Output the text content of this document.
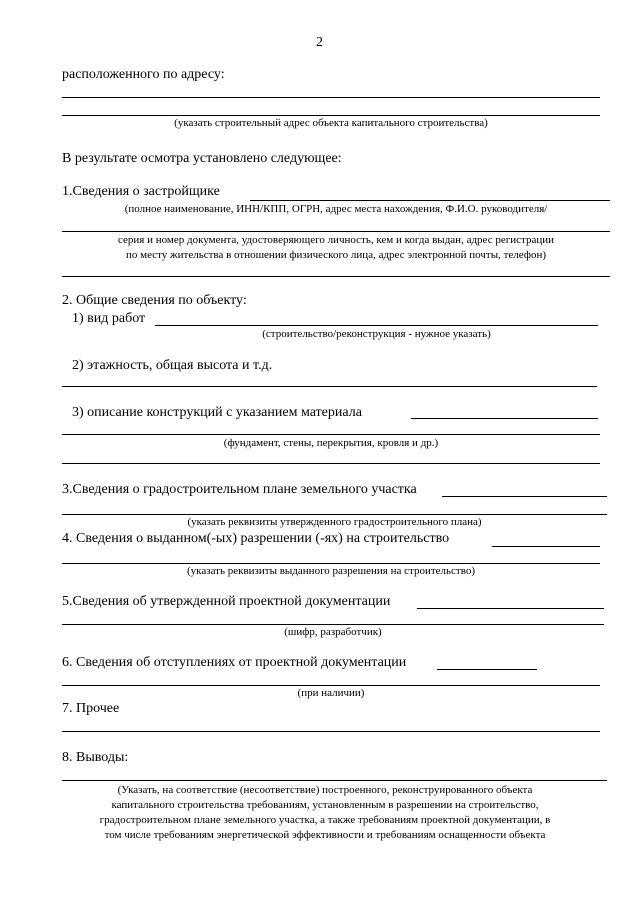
2
расположенного по адресу:
(указать строительный адрес объекта капитального строительства)
В результате осмотра установлено следующее:
1.Сведения о застройщике
(полное наименование, ИНН/КПП, ОГРН, адрес места нахождения, Ф.И.О. руководителя/
серия и номер документа, удостоверяющего личность, кем и когда выдан, адрес регистрации
по месту жительства в отношении физического лица, адрес электронной почты, телефон)
2. Общие сведения по объекту:
1) вид работ
(строительство/реконструкция - нужное указать)
2) этажность, общая высота и т.д.
3) описание конструкций с указанием материала
(фундамент, стены, перекрытия, кровля и др.)
3.Сведения о градостроительном плане земельного участка
(указать реквизиты утвержденного градостроительного плана)
4. Сведения о выданном(-ых) разрешении (-ях) на строительство
(указать реквизиты выданного разрешения на строительство)
5.Сведения об утвержденной проектной документации
(шифр, разработчик)
6. Сведения об отступлениях от проектной документации
(при наличии)
7. Прочее
8. Выводы:
(Указать, на соответствие (несоответствие) построенного, реконструированного объекта
капитального строительства требованиям, установленным в разрешении на строительство,
градостроительном плане земельного участка, а также требованиям проектной документации, в
том числе требованиям энергетической эффективности и требованиям оснащенности объекта
